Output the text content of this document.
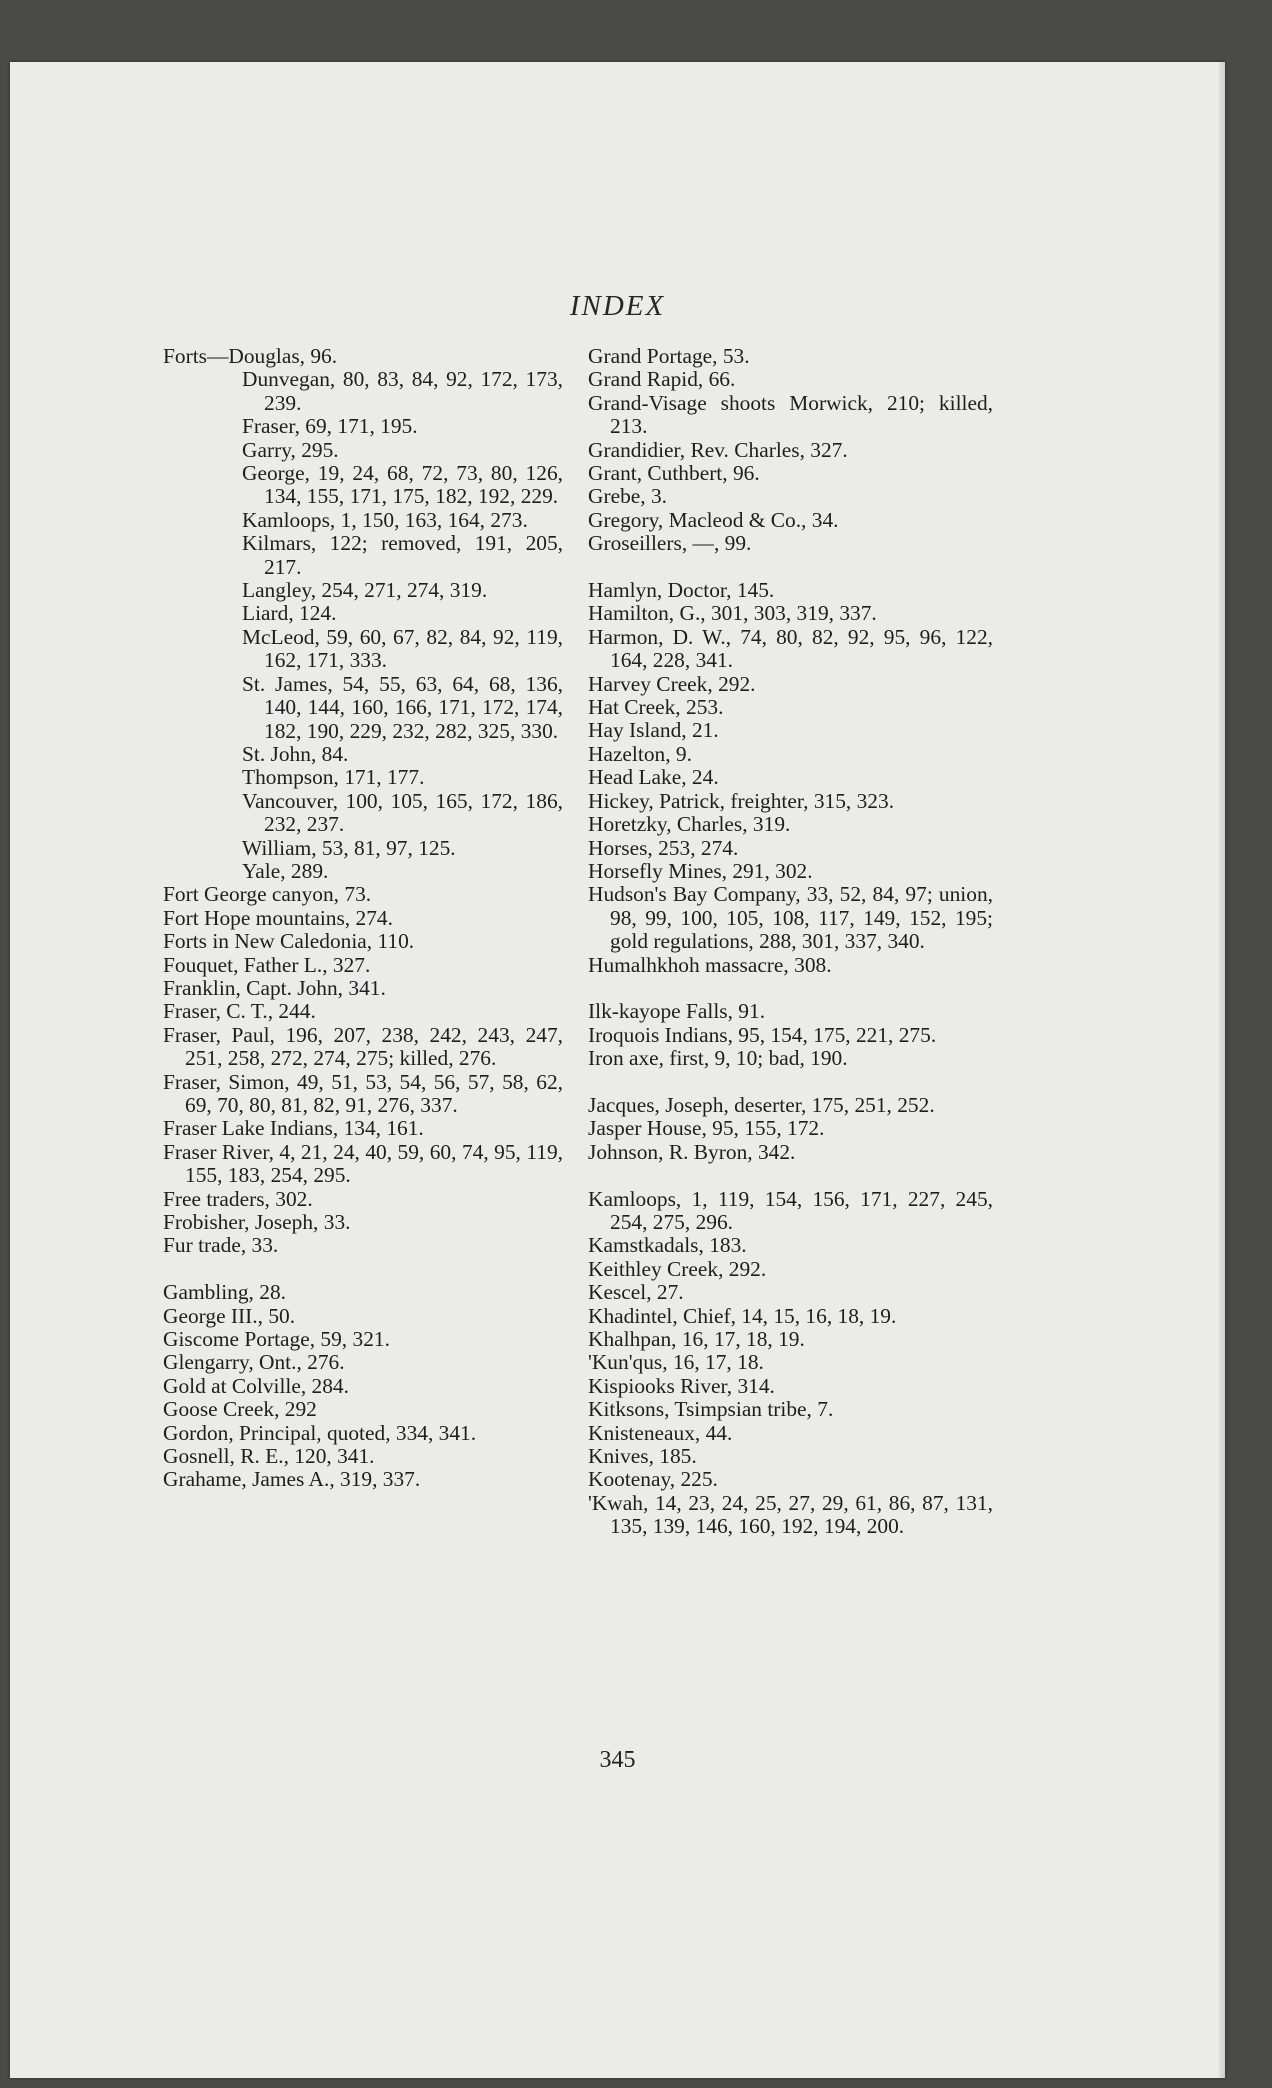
INDEX
Forts—Douglas, 96.
Dunvegan, 80, 83, 84, 92, 172, 173, 239.
Fraser, 69, 171, 195.
Garry, 295.
George, 19, 24, 68, 72, 73, 80, 126, 134, 155, 171, 175, 182, 192, 229.
Kamloops, 1, 150, 163, 164, 273.
Kilmars, 122; removed, 191, 205, 217.
Langley, 254, 271, 274, 319.
Liard, 124.
McLeod, 59, 60, 67, 82, 84, 92, 119, 162, 171, 333.
St. James, 54, 55, 63, 64, 68, 136, 140, 144, 160, 166, 171, 172, 174, 182, 190, 229, 232, 282, 325, 330.
St. John, 84.
Thompson, 171, 177.
Vancouver, 100, 105, 165, 172, 186, 232, 237.
William, 53, 81, 97, 125.
Yale, 289.
Fort George canyon, 73.
Fort Hope mountains, 274.
Forts in New Caledonia, 110.
Fouquet, Father L., 327.
Franklin, Capt. John, 341.
Fraser, C. T., 244.
Fraser, Paul, 196, 207, 238, 242, 243, 247, 251, 258, 272, 274, 275; killed, 276.
Fraser, Simon, 49, 51, 53, 54, 56, 57, 58, 62, 69, 70, 80, 81, 82, 91, 276, 337.
Fraser Lake Indians, 134, 161.
Fraser River, 4, 21, 24, 40, 59, 60, 74, 95, 119, 155, 183, 254, 295.
Free traders, 302.
Frobisher, Joseph, 33.
Fur trade, 33.
Gambling, 28.
George III., 50.
Giscome Portage, 59, 321.
Glengarry, Ont., 276.
Gold at Colville, 284.
Goose Creek, 292
Gordon, Principal, quoted, 334, 341.
Gosnell, R. E., 120, 341.
Grahame, James A., 319, 337.
Grand Portage, 53.
Grand Rapid, 66.
Grand-Visage shoots Morwick, 210; killed, 213.
Grandidier, Rev. Charles, 327.
Grant, Cuthbert, 96.
Grebe, 3.
Gregory, Macleod & Co., 34.
Groseillers, —, 99.
Hamlyn, Doctor, 145.
Hamilton, G., 301, 303, 319, 337.
Harmon, D. W., 74, 80, 82, 92, 95, 96, 122, 164, 228, 341.
Harvey Creek, 292.
Hat Creek, 253.
Hay Island, 21.
Hazelton, 9.
Head Lake, 24.
Hickey, Patrick, freighter, 315, 323.
Horetzky, Charles, 319.
Horses, 253, 274.
Horsefly Mines, 291, 302.
Hudson's Bay Company, 33, 52, 84, 97; union, 98, 99, 100, 105, 108, 117, 149, 152, 195; gold regulations, 288, 301, 337, 340.
Humalhkhoh massacre, 308.
Ilk-kayope Falls, 91.
Iroquois Indians, 95, 154, 175, 221, 275.
Iron axe, first, 9, 10; bad, 190.
Jacques, Joseph, deserter, 175, 251, 252.
Jasper House, 95, 155, 172.
Johnson, R. Byron, 342.
Kamloops, 1, 119, 154, 156, 171, 227, 245, 254, 275, 296.
Kamstkadals, 183.
Keithley Creek, 292.
Kescel, 27.
Khadintel, Chief, 14, 15, 16, 18, 19.
Khalhpan, 16, 17, 18, 19.
'Kun'qus, 16, 17, 18.
Kispiooks River, 314.
Kitksons, Tsimpsian tribe, 7.
Knisteneaux, 44.
Knives, 185.
Kootenay, 225.
'Kwah, 14, 23, 24, 25, 27, 29, 61, 86, 87, 131, 135, 139, 146, 160, 192, 194, 200.
345
